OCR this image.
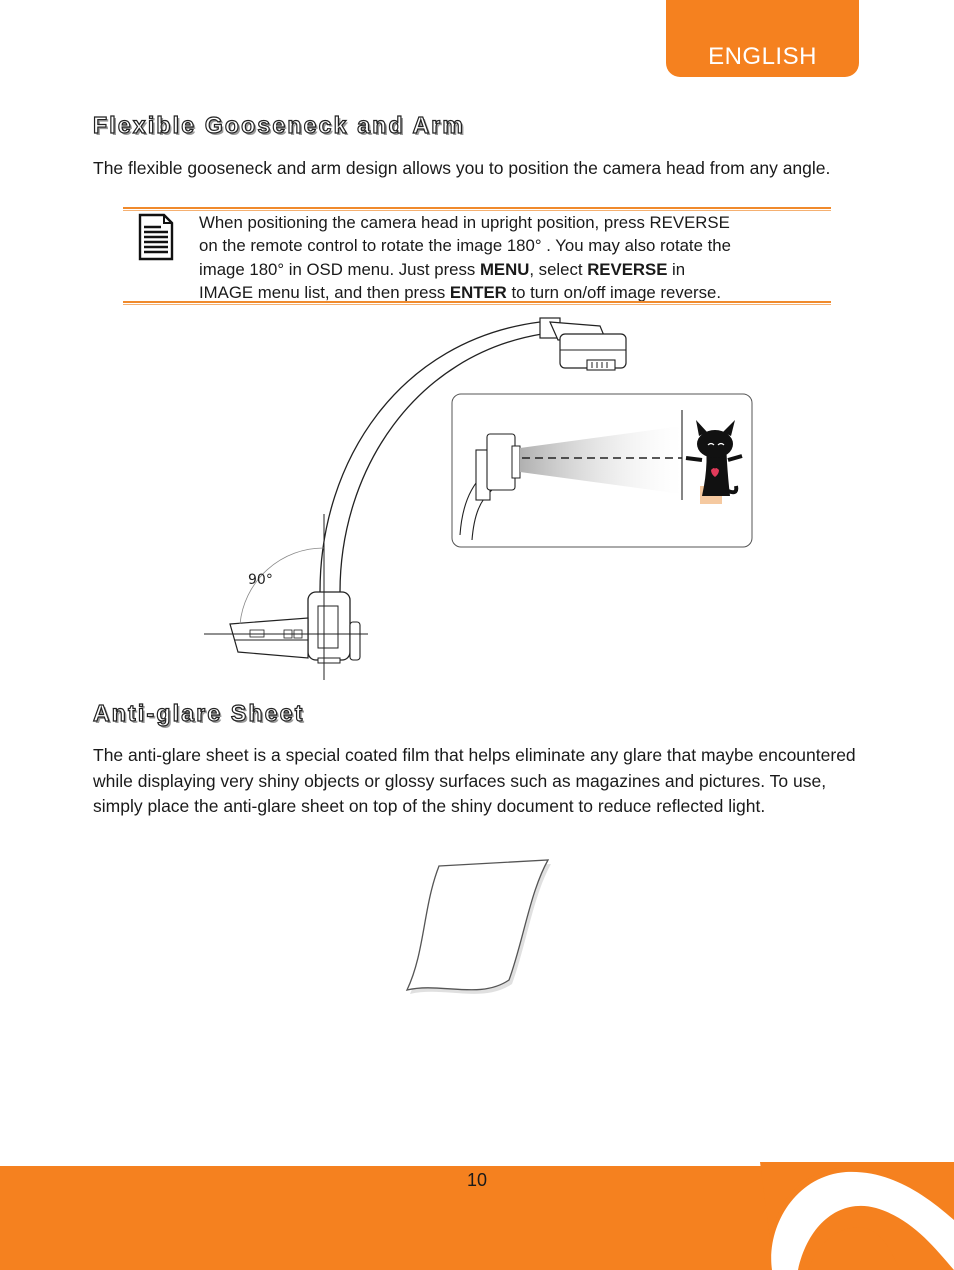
ENGLISH
Flexible Gooseneck and Arm
The flexible gooseneck and arm design allows you to position the camera head from any angle.
When positioning the camera head in upright position, press REVERSE
on the remote control to rotate the image 180° . You may also rotate the
image 180° in OSD menu. Just press MENU, select REVERSE in
IMAGE menu list, and then press ENTER to turn on/off image reverse.
90°
Anti-glare Sheet
The anti-glare sheet is a special coated film that helps eliminate any glare that maybe encountered while displaying very shiny objects or glossy surfaces such as magazines and pictures. To use, simply place the anti-glare sheet on top of the shiny document to reduce reflected light.
10
